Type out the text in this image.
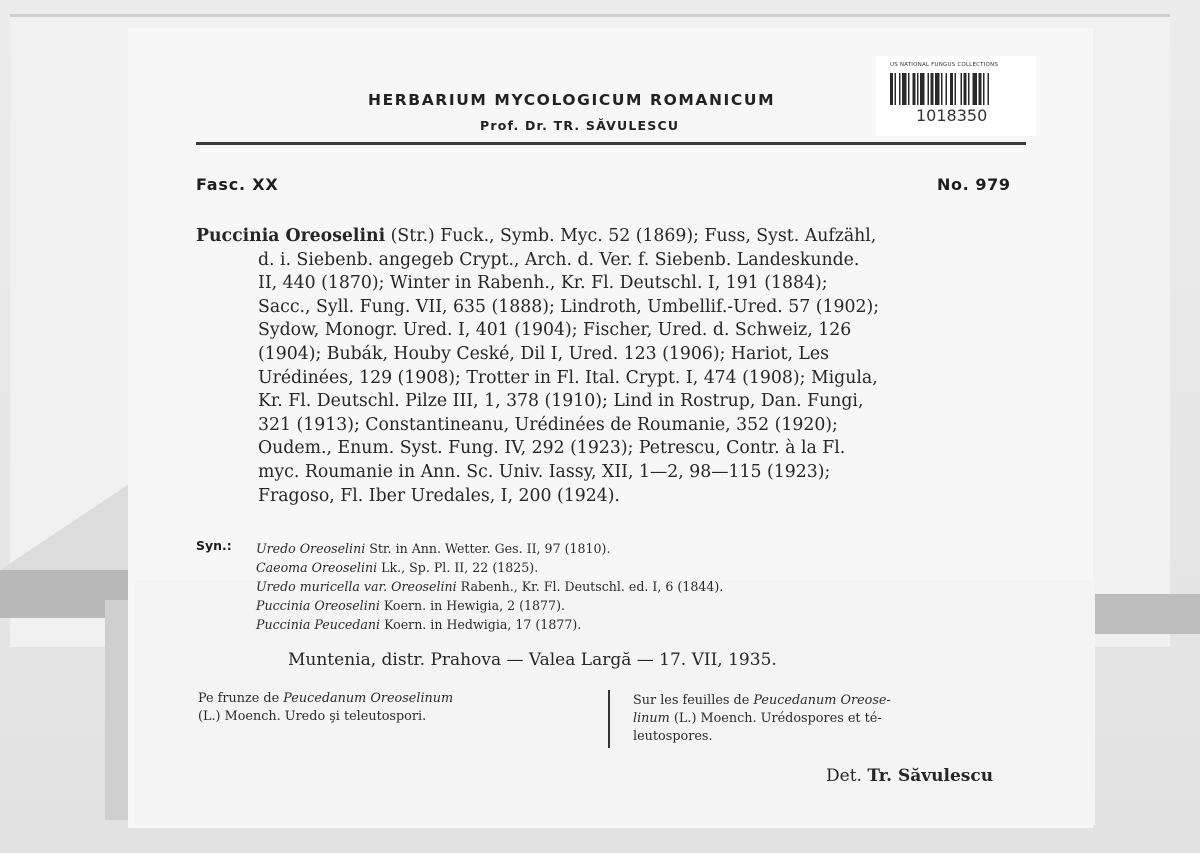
HERBARIUM MYCOLOGICUM ROMANICUM
Prof. Dr. TR. SĂVULESCU
US NATIONAL FUNGUS COLLECTIONS
1018350
Fasc. XX	No. 979
Puccinia Oreoselini (Str.) Fuck., Symb. Myc. 52 (1869); Fuss, Syst. Aufzähl,
d. i. Siebenb. angegeb Crypt., Arch. d. Ver. f. Siebenb. Landeskunde.
II, 440 (1870); Winter in Rabenh., Kr. Fl. Deutschl. I, 191 (1884);
Sacc., Syll. Fung. VII, 635 (1888); Lindroth, Umbellif.-Ured. 57 (1902);
Sydow, Monogr. Ured. I, 401 (1904); Fischer, Ured. d. Schweiz, 126
(1904); Bubák, Houby Ceské, Dil I, Ured. 123 (1906); Hariot, Les
Urédinées, 129 (1908); Trotter in Fl. Ital. Crypt. I, 474 (1908); Migula,
Kr. Fl. Deutschl. Pilze III, 1, 378 (1910); Lind in Rostrup, Dan. Fungi,
321 (1913); Constantineanu, Urédinées de Roumanie, 352 (1920);
Oudem., Enum. Syst. Fung. IV, 292 (1923); Petrescu, Contr. à la Fl.
myc. Roumanie in Ann. Sc. Univ. Iassy, XII, 1—2, 98—115 (1923);
Fragoso, Fl. Iber Uredales, I, 200 (1924).
Syn.: Uredo Oreoselini Str. in Ann. Wetter. Ges. II, 97 (1810).
Caeoma Oreoselini Lk., Sp. Pl. II, 22 (1825).
Uredo muricella var. Oreoselini Rabenh., Kr. Fl. Deutschl. ed. I, 6 (1844).
Puccinia Oreoselini Koern. in Hewigia, 2 (1877).
Puccinia Peucedani Koern. in Hedwigia, 17 (1877).
Muntenia, distr. Prahova — Valea Largă — 17. VII, 1935.
Pe frunze de Peucedanum Oreoselinum
(L.) Moench. Uredo şi teleutospori.
Sur les feuilles de Peucedanum Oreose-
linum (L.) Moench. Urédospores et té-
leutospores.
Det. Tr. Săvulescu
